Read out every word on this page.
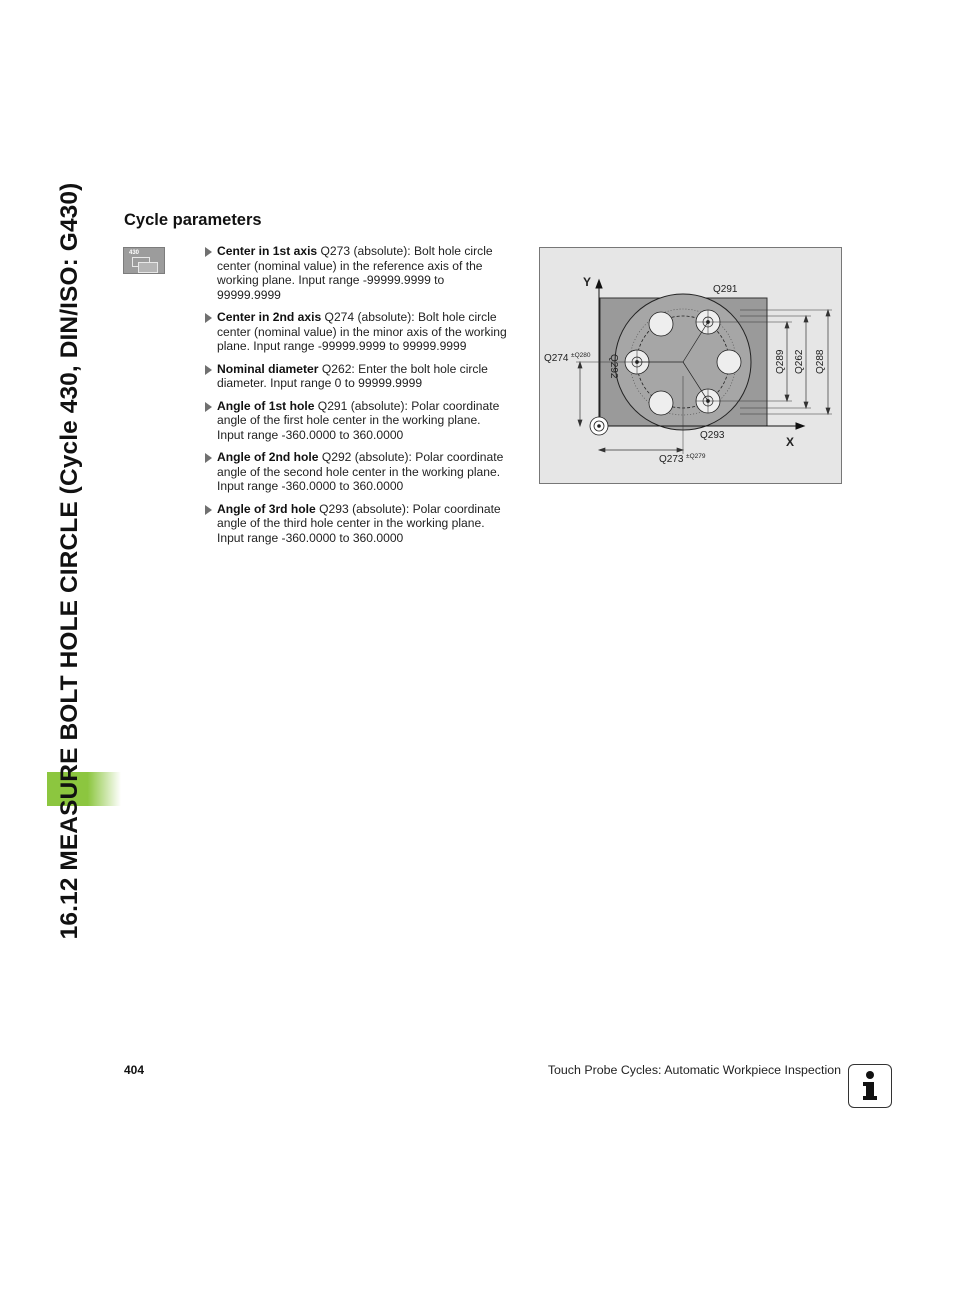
16.12 MEASURE BOLT HOLE CIRCLE (Cycle 430, DIN/ISO: G430) Cycle parameters
430	Center in 1st axis Q273 (absolute): Bolt hole circle
center (nominal value) in the reference axis of the
working plane. Input range -99999.9999 to
99999.9999
Center in 2nd axis Q274 (absolute): Bolt hole circle
center (nominal value) in the minor axis of the working
plane. Input range -99999.9999 to 99999.9999
Nominal diameter Q262: Enter the bolt hole circle
diameter. Input range 0 to 99999.9999
Angle of 1st hole Q291 (absolute): Polar coordinate
angle of the first hole center in the working plane.
Input range -360.0000 to 360.0000
Angle of 2nd hole Q292 (absolute): Polar coordinate
angle of the second hole center in the working plane.
Input range -360.0000 to 360.0000
Angle of 3rd hole Q293 (absolute): Polar coordinate
angle of the third hole center in the working plane.
Input range -360.0000 to 360.0000
Y
X
Q291
Q293
Q274 ±Q280
Q273 ±Q279
Q292	Q289 Q262 Q288
404	Touch Probe Cycles: Automatic Workpiece Inspection
